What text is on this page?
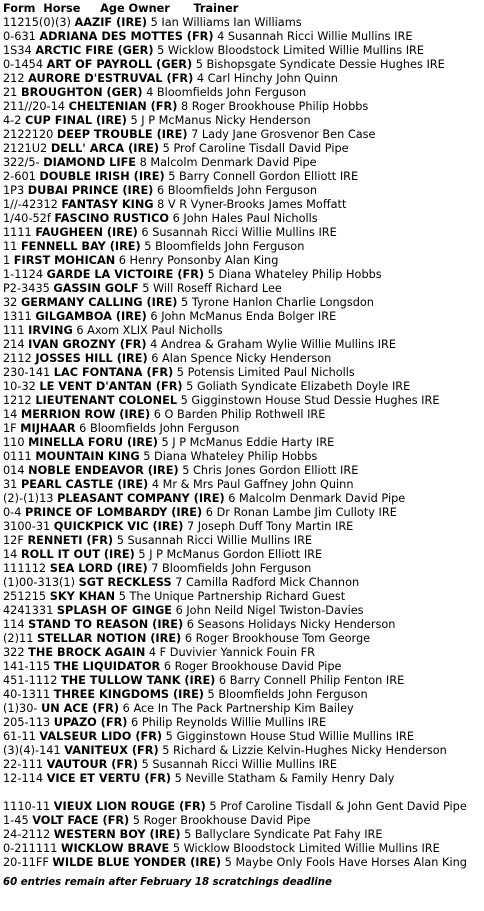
Form Horse Age Owner Trainer
11215(0)(3) AAZIF (IRE) 5 Ian Williams Ian Williams
0-631 ADRIANA DES MOTTES (FR) 4 Susannah Ricci Willie Mullins IRE
1S34 ARCTIC FIRE (GER) 5 Wicklow Bloodstock Limited Willie Mullins IRE
0-1454 ART OF PAYROLL (GER) 5 Bishopsgate Syndicate Dessie Hughes IRE
212 AURORE D'ESTRUVAL (FR) 4 Carl Hinchy John Quinn
21 BROUGHTON (GER) 4 Bloomfields John Ferguson
211//20-14 CHELTENIAN (FR) 8 Roger Brookhouse Philip Hobbs
4-2 CUP FINAL (IRE) 5 J P McManus Nicky Henderson
2122120 DEEP TROUBLE (IRE) 7 Lady Jane Grosvenor Ben Case
2121U2 DELL' ARCA (IRE) 5 Prof Caroline Tisdall David Pipe
322/5- DIAMOND LIFE 8 Malcolm Denmark David Pipe
2-601 DOUBLE IRISH (IRE) 5 Barry Connell Gordon Elliott IRE
1P3 DUBAI PRINCE (IRE) 6 Bloomfields John Ferguson
1//-42312 FANTASY KING 8 V R Vyner-Brooks James Moffatt
1/40-52f FASCINO RUSTICO 6 John Hales Paul Nicholls
1111 FAUGHEEN (IRE) 6 Susannah Ricci Willie Mullins IRE
11 FENNELL BAY (IRE) 5 Bloomfields John Ferguson
1 FIRST MOHICAN 6 Henry Ponsonby Alan King
1-1124 GARDE LA VICTOIRE (FR) 5 Diana Whateley Philip Hobbs
P2-3435 GASSIN GOLF 5 Will Roseff Richard Lee
32 GERMANY CALLING (IRE) 5 Tyrone Hanlon Charlie Longsdon
1311 GILGAMBOA (IRE) 6 John McManus Enda Bolger IRE
111 IRVING 6 Axom XLIX Paul Nicholls
214 IVAN GROZNY (FR) 4 Andrea & Graham Wylie Willie Mullins IRE
2112 JOSSES HILL (IRE) 6 Alan Spence Nicky Henderson
230-141 LAC FONTANA (FR) 5 Potensis Limited Paul Nicholls
10-32 LE VENT D'ANTAN (FR) 5 Goliath Syndicate Elizabeth Doyle IRE
1212 LIEUTENANT COLONEL 5 Gigginstown House Stud Dessie Hughes IRE
14 MERRION ROW (IRE) 6 O Barden Philip Rothwell IRE
1F MIJHAAR 6 Bloomfields John Ferguson
110 MINELLA FORU (IRE) 5 J P McManus Eddie Harty IRE
0111 MOUNTAIN KING 5 Diana Whateley Philip Hobbs
014 NOBLE ENDEAVOR (IRE) 5 Chris Jones Gordon Elliott IRE
31 PEARL CASTLE (IRE) 4 Mr & Mrs Paul Gaffney John Quinn
(2)-(1)13 PLEASANT COMPANY (IRE) 6 Malcolm Denmark David Pipe
0-4 PRINCE OF LOMBARDY (IRE) 6 Dr Ronan Lambe Jim Culloty IRE
3100-31 QUICKPICK VIC (IRE) 7 Joseph Duff Tony Martin IRE
12F RENNETI (FR) 5 Susannah Ricci Willie Mullins IRE
14 ROLL IT OUT (IRE) 5 J P McManus Gordon Elliott IRE
111112 SEA LORD (IRE) 7 Bloomfields John Ferguson
(1)00-313(1) SGT RECKLESS 7 Camilla Radford Mick Channon
251215 SKY KHAN 5 The Unique Partnership Richard Guest
4241331 SPLASH OF GINGE 6 John Neild Nigel Twiston-Davies
114 STAND TO REASON (IRE) 6 Seasons Holidays Nicky Henderson
(2)11 STELLAR NOTION (IRE) 6 Roger Brookhouse Tom George
322 THE BROCK AGAIN 4 F Duvivier Yannick Fouin FR
141-115 THE LIQUIDATOR 6 Roger Brookhouse David Pipe
451-1112 THE TULLOW TANK (IRE) 6 Barry Connell Philip Fenton IRE
40-1311 THREE KINGDOMS (IRE) 5 Bloomfields John Ferguson
(1)30- UN ACE (FR) 6 Ace In The Pack Partnership Kim Bailey
205-113 UPAZO (FR) 6 Philip Reynolds Willie Mullins IRE
61-11 VALSEUR LIDO (FR) 5 Gigginstown House Stud Willie Mullins IRE
(3)(4)-141 VANITEUX (FR) 5 Richard & Lizzie Kelvin-Hughes Nicky Henderson
22-111 VAUTOUR (FR) 5 Susannah Ricci Willie Mullins IRE
12-114 VICE ET VERTU (FR) 5 Neville Statham & Family Henry Daly
1110-11 VIEUX LION ROUGE (FR) 5 Prof Caroline Tisdall & John Gent David Pipe
1-45 VOLT FACE (FR) 5 Roger Brookhouse David Pipe
24-2112 WESTERN BOY (IRE) 5 Ballyclare Syndicate Pat Fahy IRE
0-211111 WICKLOW BRAVE 5 Wicklow Bloodstock Limited Willie Mullins IRE
20-11FF WILDE BLUE YONDER (IRE) 5 Maybe Only Fools Have Horses Alan King
60 entries remain after February 18 scratchings deadline
